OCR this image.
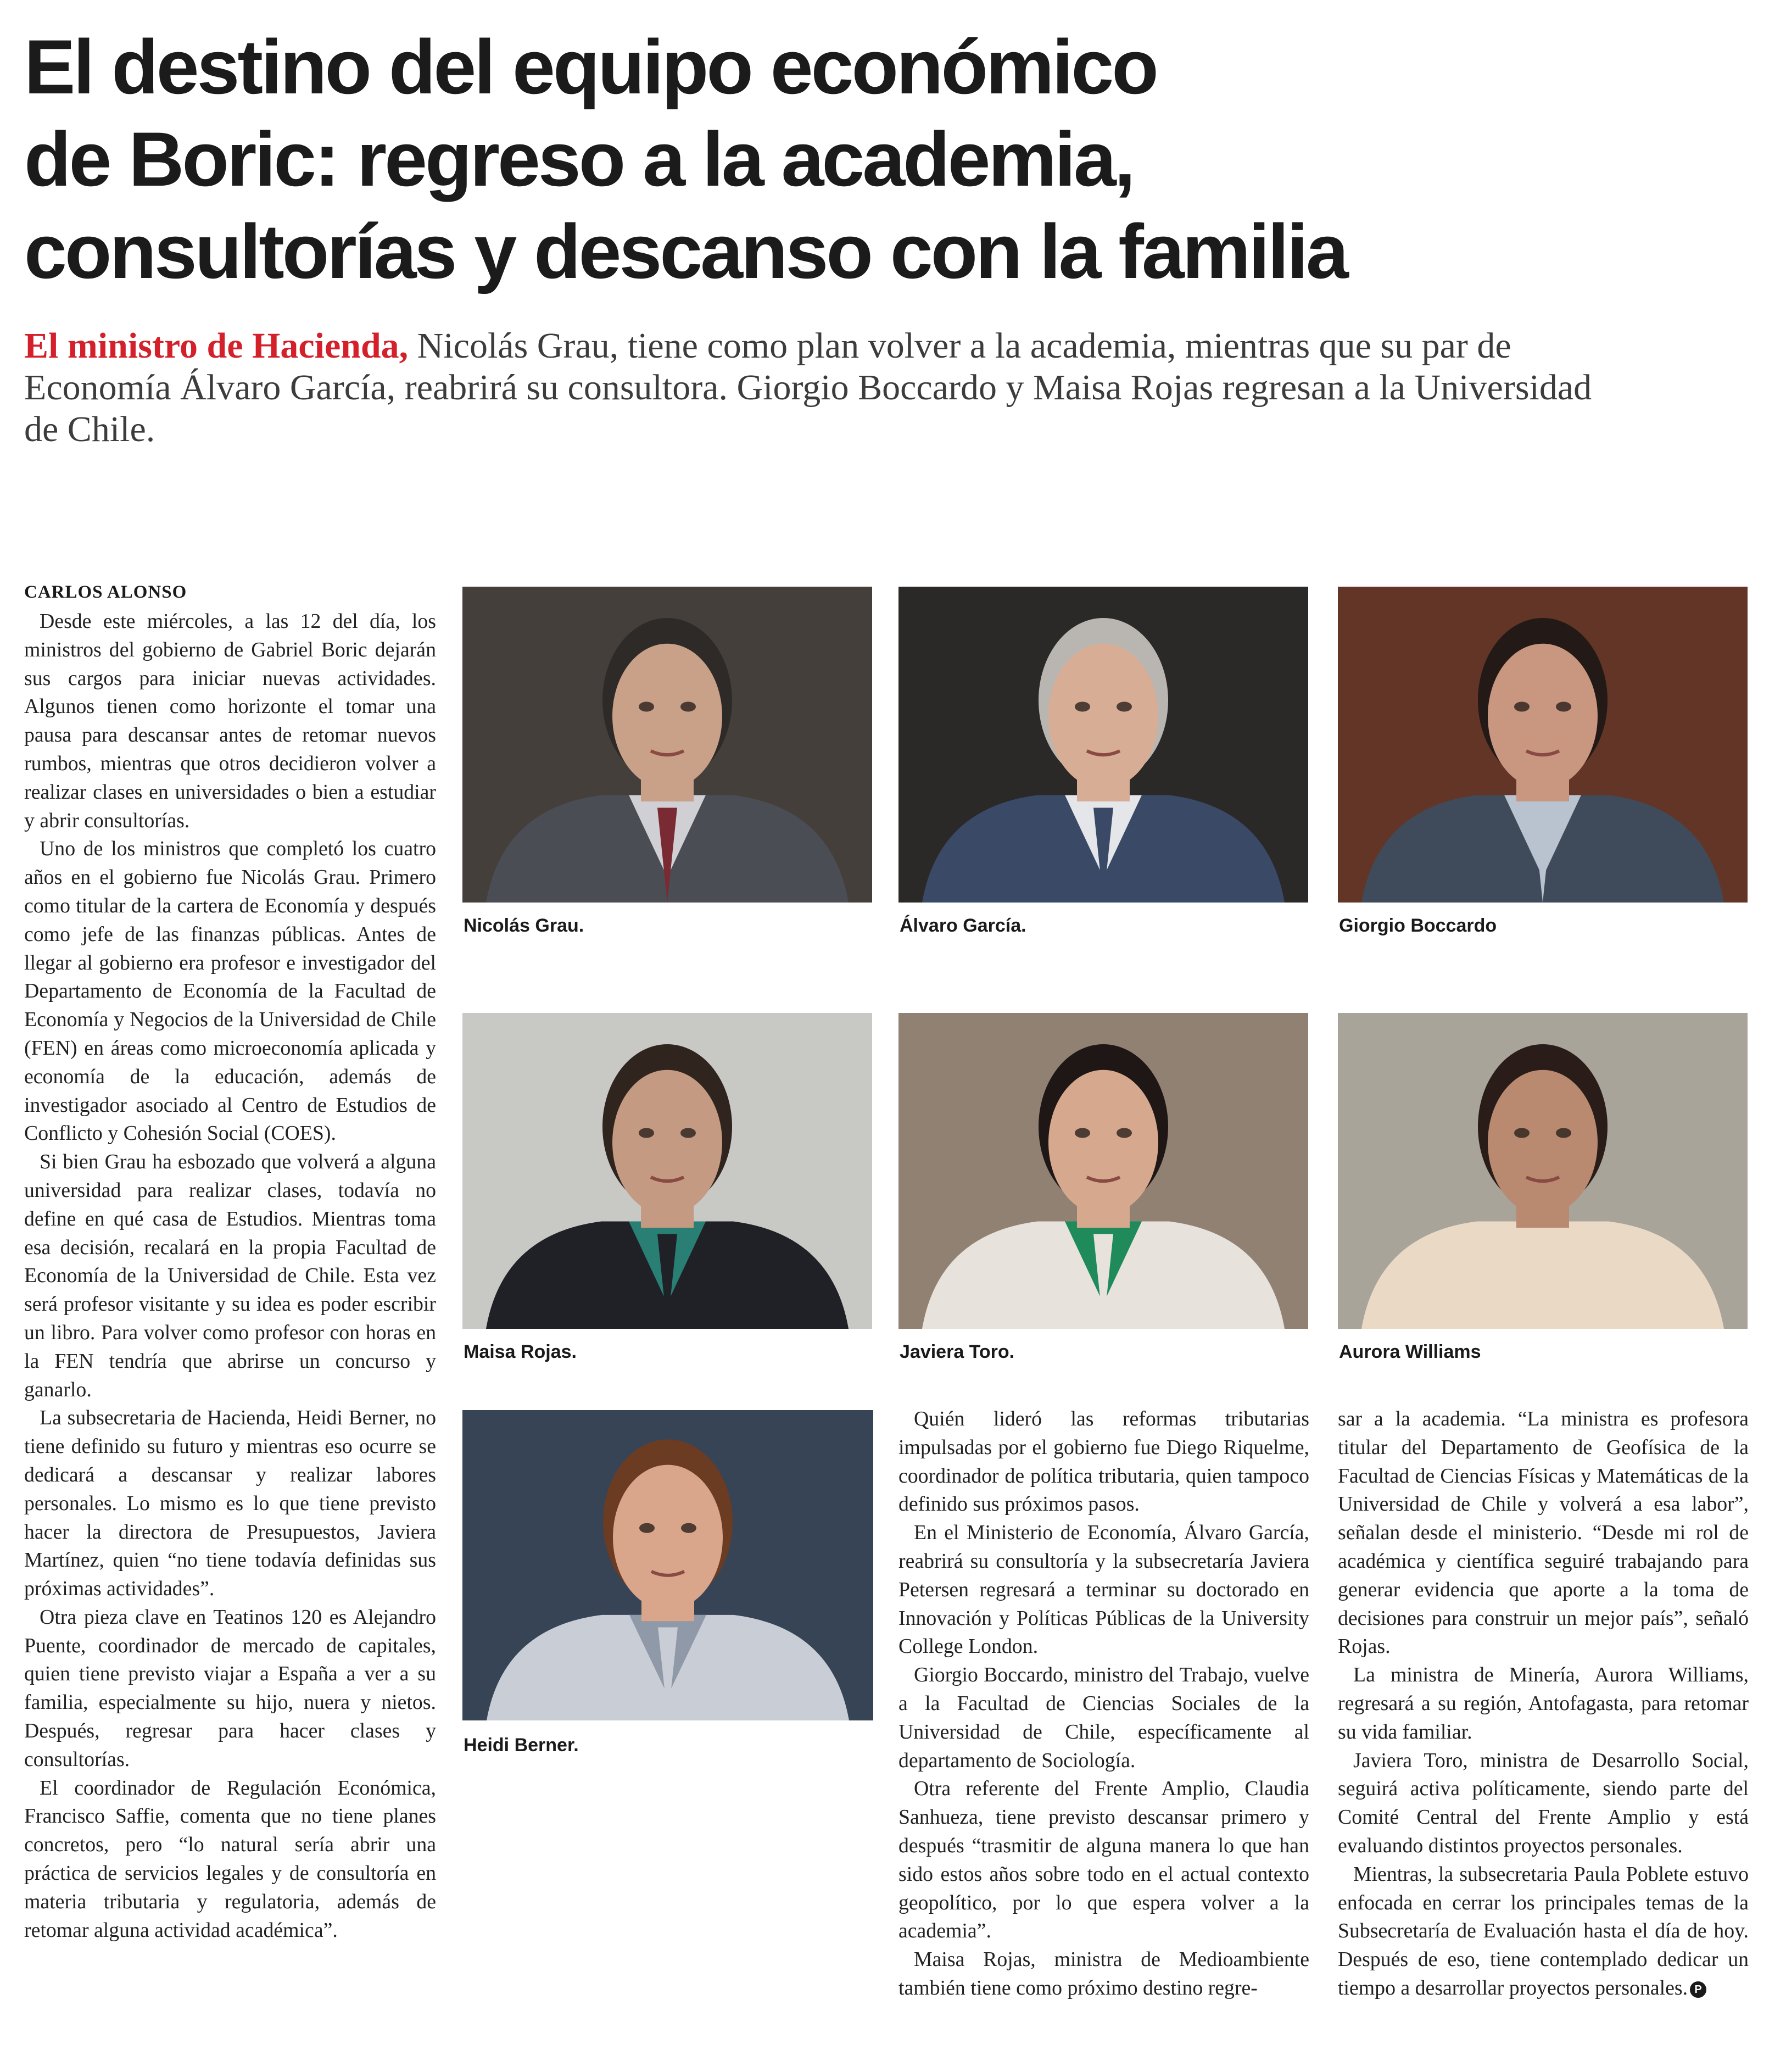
El destino del equipo económico
de Boric: regreso a la academia,
consultorías y descanso con la familia

El ministro de Hacienda, Nicolás Grau, tiene como plan volver a la academia, mientras que su par de Economía Álvaro García, reabrirá su consultora. Giorgio Boccardo y Maisa Rojas regresan a la Universidad de Chile.

CARLOS ALONSO

Desde este miércoles, a las 12 del día, los ministros del gobierno de Gabriel Boric dejarán sus cargos para iniciar nuevas actividades. Algunos tienen como horizonte el tomar una pausa para descansar antes de retomar nuevos rumbos, mientras que otros decidieron volver a realizar clases en universidades o bien a estudiar y abrir consultorías.

Uno de los ministros que completó los cuatro años en el gobierno fue Nicolás Grau. Primero como titular de la cartera de Economía y después como jefe de las finanzas públicas. Antes de llegar al gobierno era profesor e investigador del Departamento de Economía de la Facultad de Economía y Negocios de la Universidad de Chile (FEN) en áreas como microeconomía aplicada y economía de la educación, además de investigador asociado al Centro de Estudios de Conflicto y Cohesión Social (COES).

Si bien Grau ha esbozado que volverá a alguna universidad para realizar clases, todavía no define en qué casa de Estudios. Mientras toma esa decisión, recalará en la propia Facultad de Economía de la Universidad de Chile. Esta vez será profesor visitante y su idea es poder escribir un libro. Para volver como profesor con horas en la FEN tendría que abrirse un concurso y ganarlo.

La subsecretaria de Hacienda, Heidi Berner, no tiene definido su futuro y mientras eso ocurre se dedicará a descansar y realizar labores personales. Lo mismo es lo que tiene previsto hacer la directora de Presupuestos, Javiera Martínez, quien “no tiene todavía definidas sus próximas actividades”.

Otra pieza clave en Teatinos 120 es Alejandro Puente, coordinador de mercado de capitales, quien tiene previsto viajar a España a ver a su familia, especialmente su hijo, nuera y nietos. Después, regresar para hacer clases y consultorías.

El coordinador de Regulación Económica, Francisco Saffie, comenta que no tiene planes concretos, pero “lo natural sería abrir una práctica de servicios legales y de consultoría en materia tributaria y regulatoria, además de retomar alguna actividad académica”.

Quién lideró las reformas tributarias impulsadas por el gobierno fue Diego Riquelme, coordinador de política tributaria, quien tampoco definido sus próximos pasos.

En el Ministerio de Economía, Álvaro García, reabrirá su consultoría y la subsecretaría Javiera Petersen regresará a terminar su doctorado en Innovación y Políticas Públicas de la University College London.

Giorgio Boccardo, ministro del Trabajo, vuelve a la Facultad de Ciencias Sociales de la Universidad de Chile, específicamente al departamento de Sociología.

Otra referente del Frente Amplio, Claudia Sanhueza, tiene previsto descansar primero y después “trasmitir de alguna manera lo que han sido estos años sobre todo en el actual contexto geopolítico, por lo que espera volver a la academia”.

Maisa Rojas, ministra de Medioambiente también tiene como próximo destino regre-

sar a la academia. “La ministra es profesora titular del Departamento de Geofísica de la Facultad de Ciencias Físicas y Matemáticas de la Universidad de Chile y volverá a esa labor”, señalan desde el ministerio. “Desde mi rol de académica y científica seguiré trabajando para generar evidencia que aporte a la toma de decisiones para construir un mejor país”, señaló Rojas.

La ministra de Minería, Aurora Williams, regresará a su región, Antofagasta, para retomar su vida familiar.

Javiera Toro, ministra de Desarrollo Social, seguirá activa políticamente, siendo parte del Comité Central del Frente Amplio y está evaluando distintos proyectos personales.

Mientras, la subsecretaria Paula Poblete estuvo enfocada en cerrar los principales temas de la Subsecretaría de Evaluación hasta el día de hoy. Después de eso, tiene contemplado dedicar un tiempo a desarrollar proyectos personales. P

Nicolás Grau.	Álvaro García.	Giorgio Boccardo

Maisa Rojas.	Javiera Toro.	Aurora Williams

Heidi Berner.
